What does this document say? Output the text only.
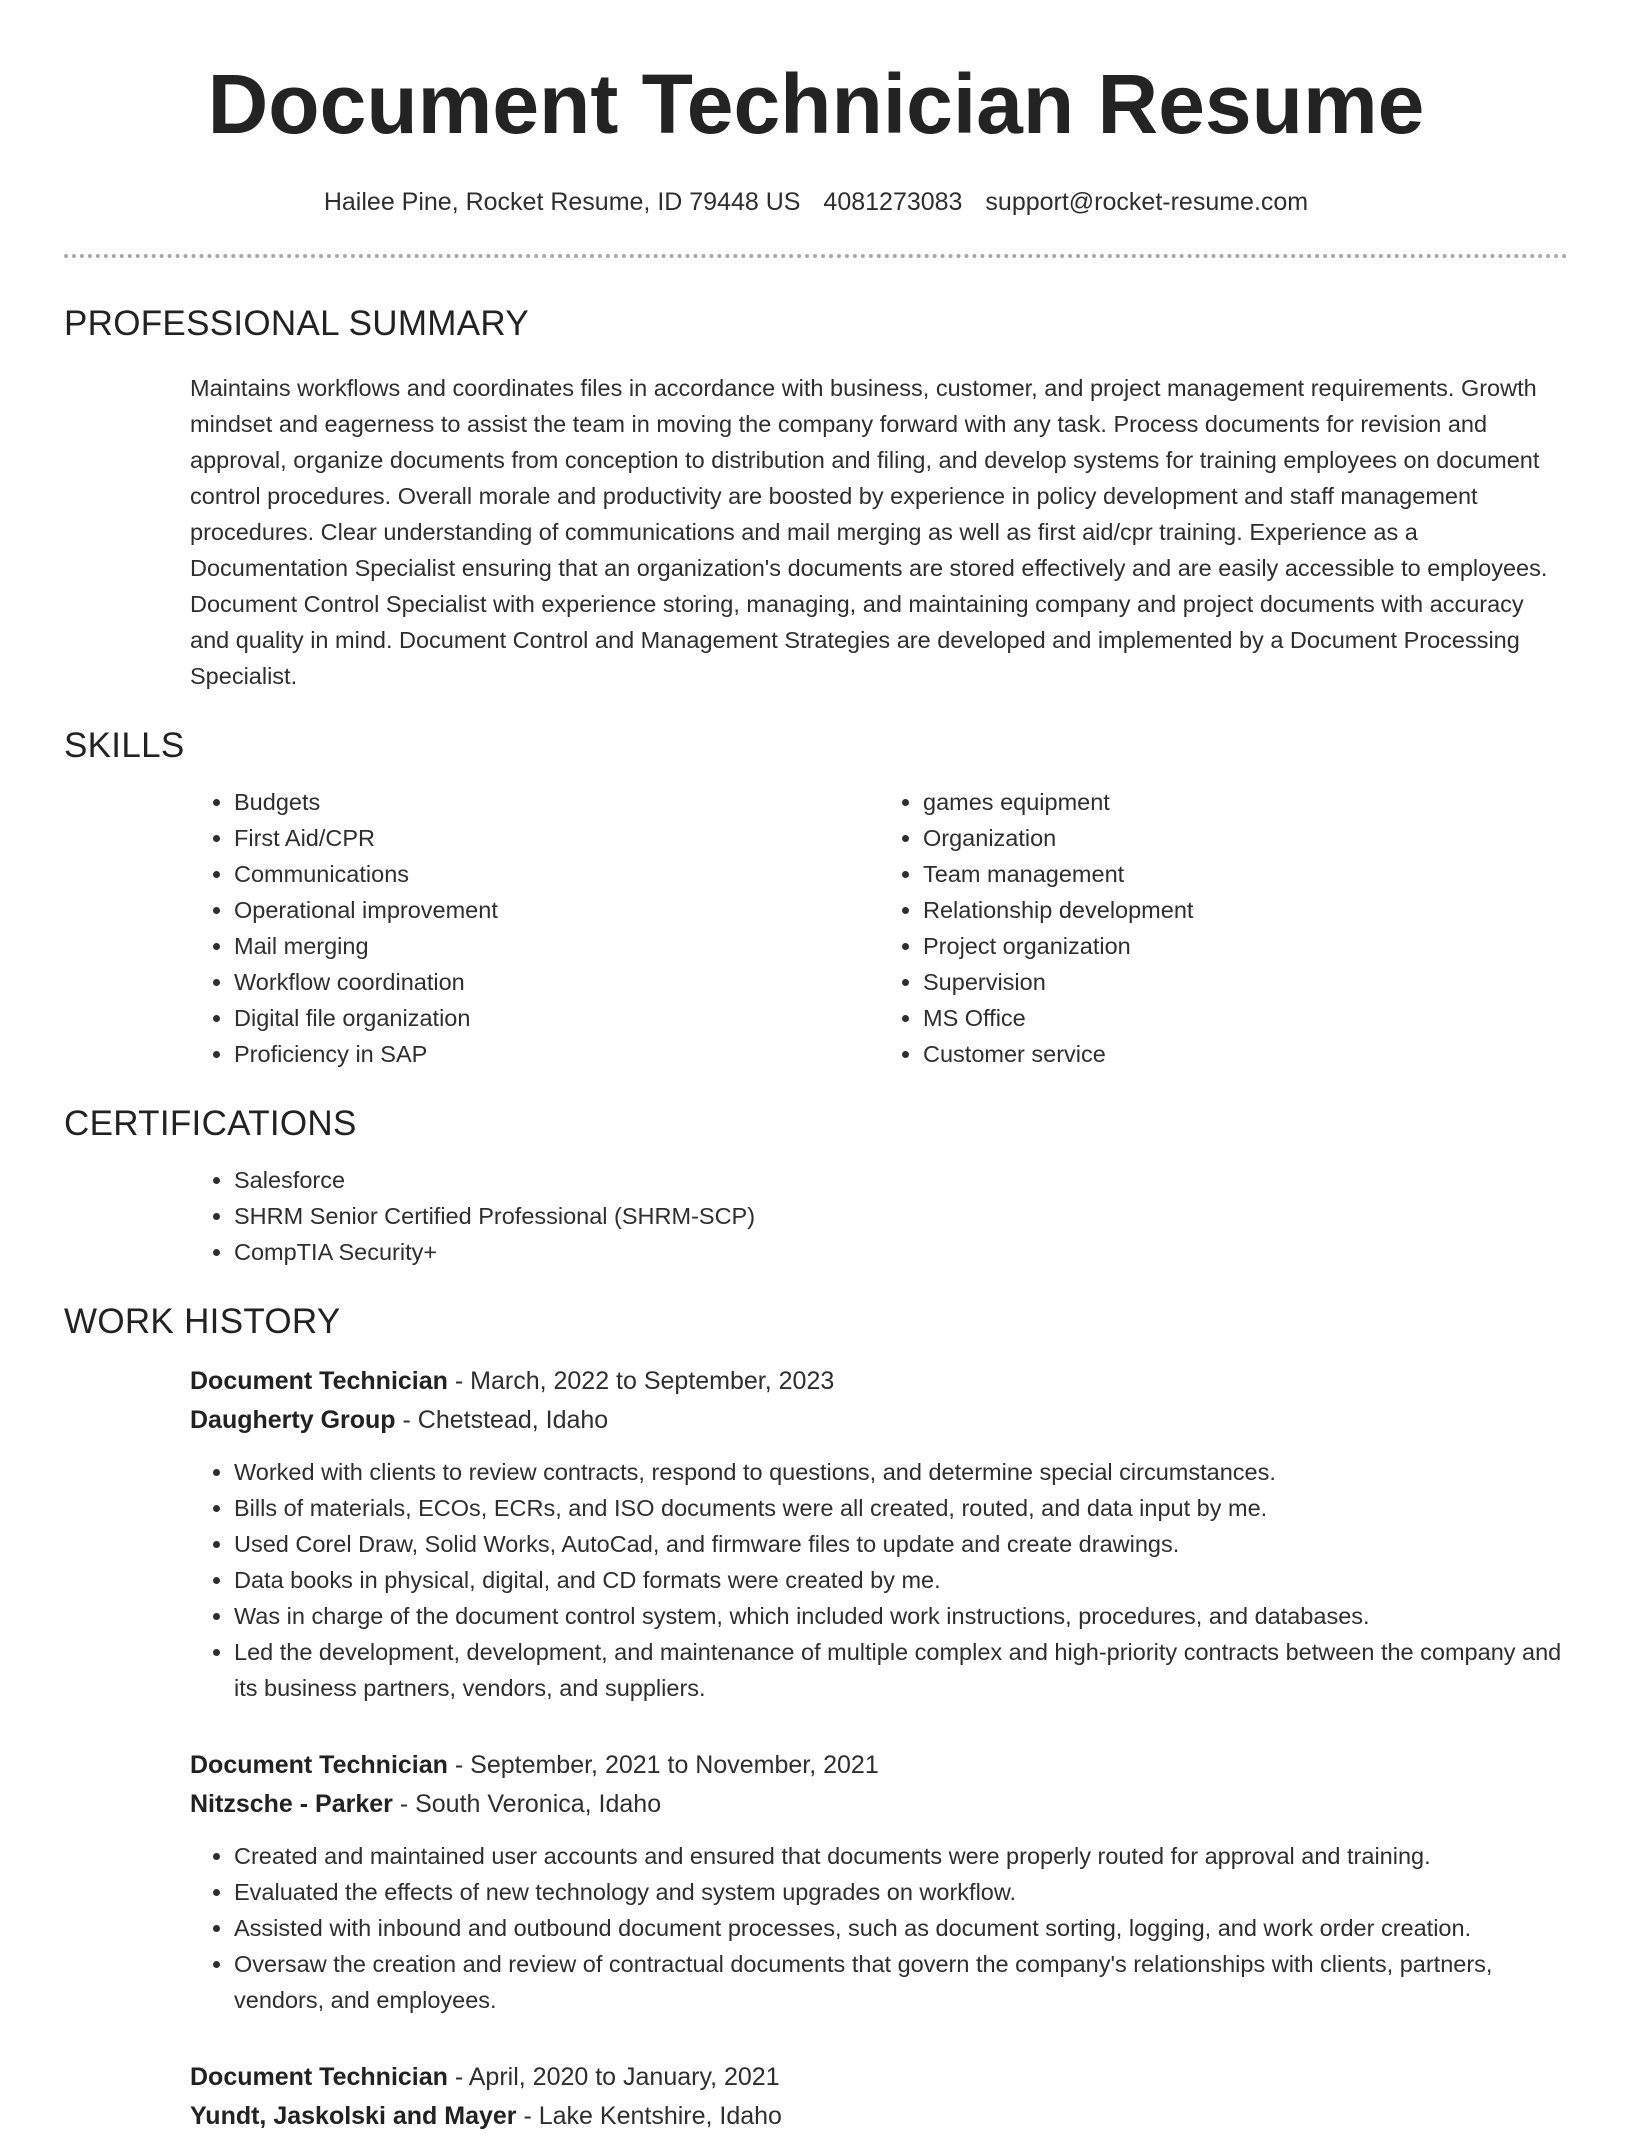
Document Technician Resume
Hailee Pine, Rocket Resume, ID 79448 US 4081273083 support@rocket-resume.com
PROFESSIONAL SUMMARY

Maintains workflows and coordinates files in accordance with business, customer, and project management requirements. Growth mindset and eagerness to assist the team in moving the company forward with any task. Process documents for revision and approval, organize documents from conception to distribution and filing, and develop systems for training employees on document control procedures. Overall morale and productivity are boosted by experience in policy development and staff management procedures. Clear understanding of communications and mail merging as well as first aid/cpr training. Experience as a Documentation Specialist ensuring that an organization's documents are stored effectively and are easily accessible to employees. Document Control Specialist with experience storing, managing, and maintaining company and project documents with accuracy and quality in mind. Document Control and Management Strategies are developed and implemented by a Document Processing Specialist.

SKILLS
• Budgets
• First Aid/CPR
• Communications
• Operational improvement
• Mail merging
• Workflow coordination
• Digital file organization
• Proficiency in SAP
• games equipment
• Organization
• Team management
• Relationship development
• Project organization
• Supervision
• MS Office
• Customer service
CERTIFICATIONS
• Salesforce
• SHRM Senior Certified Professional (SHRM-SCP)
• CompTIA Security+
WORK HISTORY
Document Technician - March, 2022 to September, 2023
Daugherty Group - Chetstead, Idaho
• Worked with clients to review contracts, respond to questions, and determine special circumstances.
• Bills of materials, ECOs, ECRs, and ISO documents were all created, routed, and data input by me.
• Used Corel Draw, Solid Works, AutoCad, and firmware files to update and create drawings.
• Data books in physical, digital, and CD formats were created by me.
• Was in charge of the document control system, which included work instructions, procedures, and databases.
• Led the development, development, and maintenance of multiple complex and high-priority contracts between the company and its business partners, vendors, and suppliers.
Document Technician - September, 2021 to November, 2021
Nitzsche - Parker - South Veronica, Idaho
• Created and maintained user accounts and ensured that documents were properly routed for approval and training.
• Evaluated the effects of new technology and system upgrades on workflow.
• Assisted with inbound and outbound document processes, such as document sorting, logging, and work order creation.
• Oversaw the creation and review of contractual documents that govern the company's relationships with clients, partners, vendors, and employees.
Document Technician - April, 2020 to January, 2021
Yundt, Jaskolski and Mayer - Lake Kentshire, Idaho
